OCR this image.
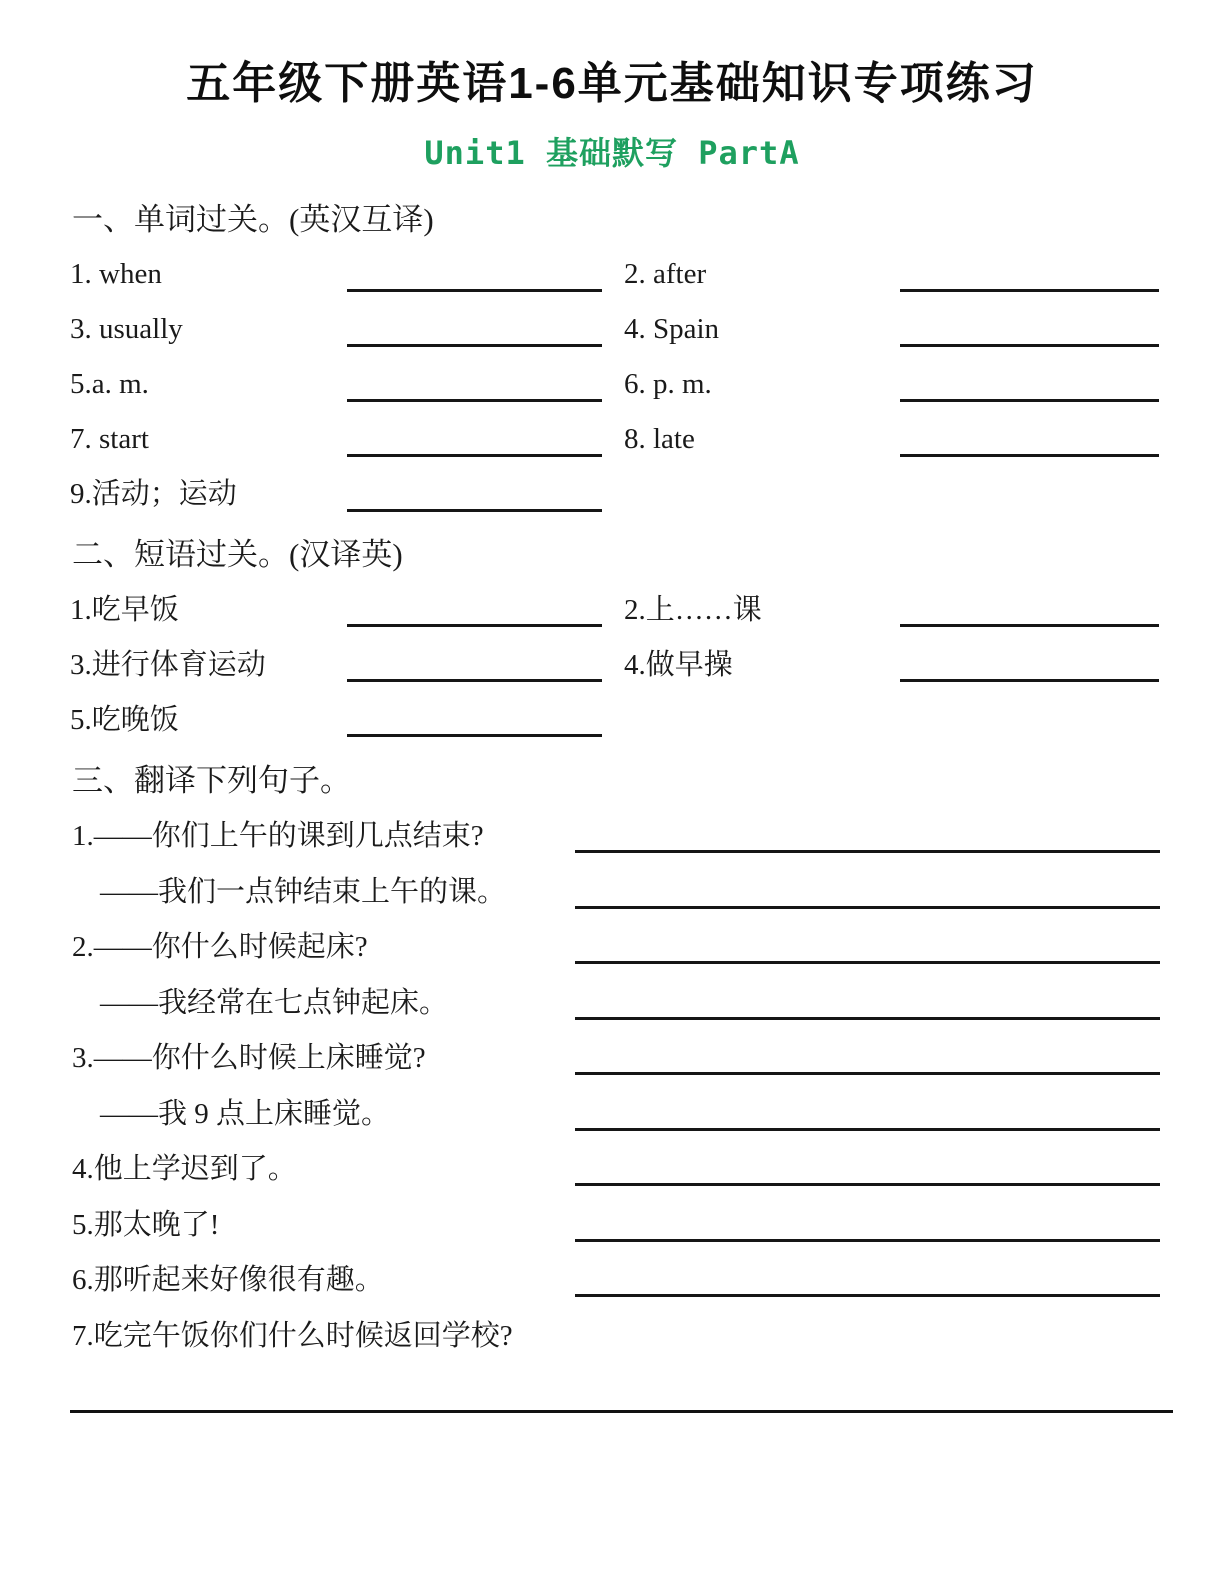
五年级下册英语1-6单元基础知识专项练习
Unit1 基础默写 PartA
一、单词过关。(英汉互译)
1. when	2. after
3. usually	4. Spain
5.a. m.	6. p. m.
7. start	8. late
9.活动；运动
二、短语过关。(汉译英)
1.吃早饭	2.上……课
3.进行体育运动	4.做早操
5.吃晚饭
三、翻译下列句子。
1.——你们上午的课到几点结束?
——我们一点钟结束上午的课。
2.——你什么时候起床?
——我经常在七点钟起床。
3.——你什么时候上床睡觉?
——我 9 点上床睡觉。
4.他上学迟到了。
5.那太晚了!
6.那听起来好像很有趣。
7.吃完午饭你们什么时候返回学校?
